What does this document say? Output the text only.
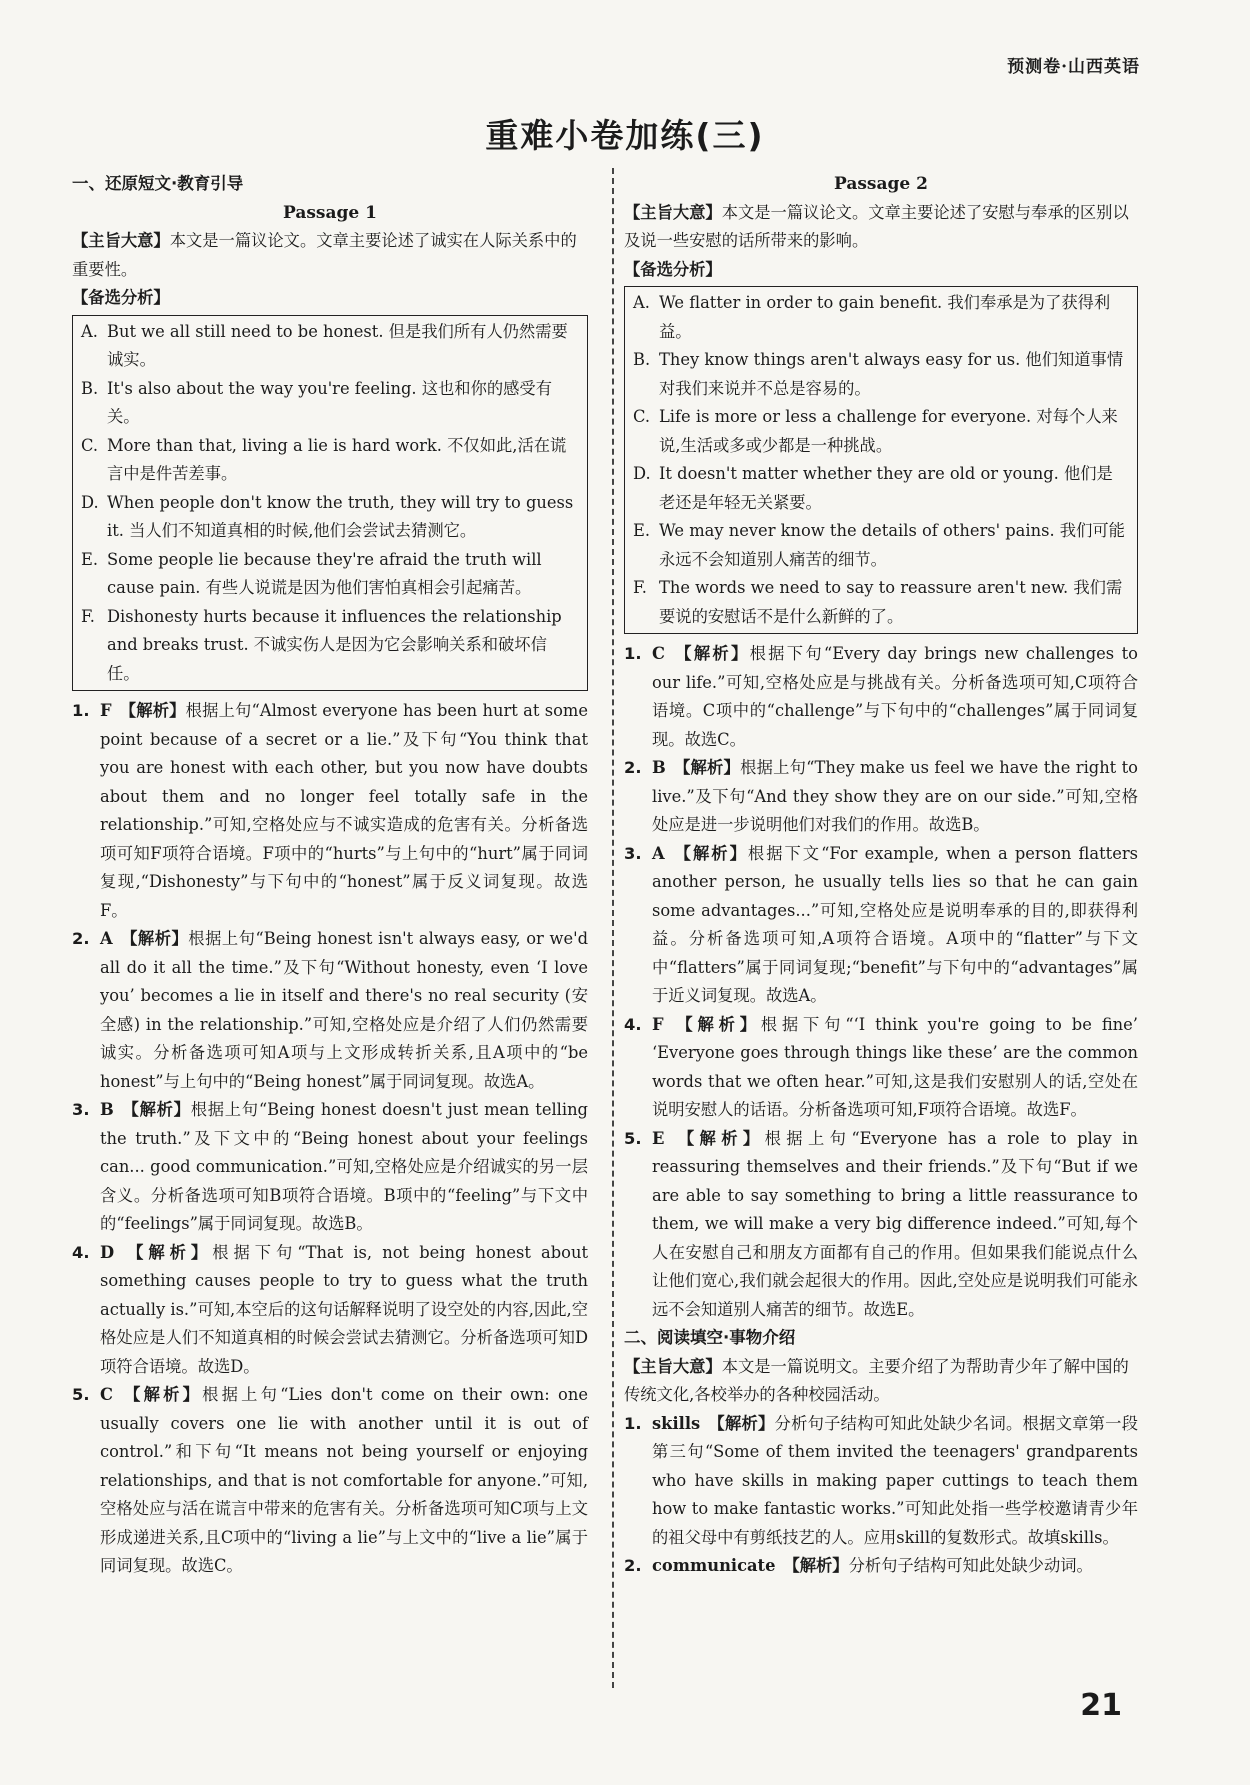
预测卷·山西英语
重难小卷加练(三)
一、还原短文·教育引导
Passage 1
【主旨大意】本文是一篇议论文。文章主要论述了诚实在人际关系中的重要性。
【备选分析】
A. But we all still need to be honest. 但是我们所有人仍然需要诚实。
B. It's also about the way you're feeling. 这也和你的感受有关。
C. More than that, living a lie is hard work. 不仅如此,活在谎言中是件苦差事。
D. When people don't know the truth, they will try to guess it. 当人们不知道真相的时候,他们会尝试去猜测它。
E. Some people lie because they're afraid the truth will cause pain. 有些人说谎是因为他们害怕真相会引起痛苦。
F. Dishonesty hurts because it influences the relationship and breaks trust. 不诚实伤人是因为它会影响关系和破坏信任。
1. F 【解析】根据上句“Almost everyone has been hurt at some point because of a secret or a lie.”及下句“You think that you are honest with each other, but you now have doubts about them and no longer feel totally safe in the relationship.”可知,空格处应与不诚实造成的危害有关。分析备选项可知F项符合语境。F项中的“hurts”与上句中的“hurt”属于同词复现,“Dishonesty”与下句中的“honest”属于反义词复现。故选F。
2. A 【解析】根据上句“Being honest isn't always easy, or we'd all do it all the time.”及下句“Without honesty, even ‘I love you’ becomes a lie in itself and there's no real security (安全感) in the relationship.”可知,空格处应是介绍了人们仍然需要诚实。分析备选项可知A项与上文形成转折关系,且A项中的“be honest”与上句中的“Being honest”属于同词复现。故选A。
3. B 【解析】根据上句“Being honest doesn't just mean telling the truth.”及下文中的“Being honest about your feelings can... good communication.”可知,空格处应是介绍诚实的另一层含义。分析备选项可知B项符合语境。B项中的“feeling”与下文中的“feelings”属于同词复现。故选B。
4. D 【解析】根据下句“That is, not being honest about something causes people to try to guess what the truth actually is.”可知,本空后的这句话解释说明了设空处的内容,因此,空格处应是人们不知道真相的时候会尝试去猜测它。分析备选项可知D项符合语境。故选D。
5. C 【解析】根据上句“Lies don't come on their own: one usually covers one lie with another until it is out of control.”和下句“It means not being yourself or enjoying relationships, and that is not comfortable for anyone.”可知,空格处应与活在谎言中带来的危害有关。分析备选项可知C项与上文形成递进关系,且C项中的“living a lie”与上文中的“live a lie”属于同词复现。故选C。
Passage 2
【主旨大意】本文是一篇议论文。文章主要论述了安慰与奉承的区别以及说一些安慰的话所带来的影响。
【备选分析】
A. We flatter in order to gain benefit. 我们奉承是为了获得利益。
B. They know things aren't always easy for us. 他们知道事情对我们来说并不总是容易的。
C. Life is more or less a challenge for everyone. 对每个人来说,生活或多或少都是一种挑战。
D. It doesn't matter whether they are old or young. 他们是老还是年轻无关紧要。
E. We may never know the details of others' pains. 我们可能永远不会知道别人痛苦的细节。
F. The words we need to say to reassure aren't new. 我们需要说的安慰话不是什么新鲜的了。
1. C 【解析】根据下句“Every day brings new challenges to our life.”可知,空格处应是与挑战有关。分析备选项可知,C项符合语境。C项中的“challenge”与下句中的“challenges”属于同词复现。故选C。
2. B 【解析】根据上句“They make us feel we have the right to live.”及下句“And they show they are on our side.”可知,空格处应是进一步说明他们对我们的作用。故选B。
3. A 【解析】根据下文“For example, when a person flatters another person, he usually tells lies so that he can gain some advantages...”可知,空格处应是说明奉承的目的,即获得利益。分析备选项可知,A项符合语境。A项中的“flatter”与下文中“flatters”属于同词复现;“benefit”与下句中的“advantages”属于近义词复现。故选A。
4. F 【解析】根据下句“‘I think you're going to be fine’ ‘Everyone goes through things like these’ are the common words that we often hear.”可知,这是我们安慰别人的话,空处在说明安慰人的话语。分析备选项可知,F项符合语境。故选F。
5. E 【解析】根据上句“Everyone has a role to play in reassuring themselves and their friends.”及下句“But if we are able to say something to bring a little reassurance to them, we will make a very big difference indeed.”可知,每个人在安慰自己和朋友方面都有自己的作用。但如果我们能说点什么让他们宽心,我们就会起很大的作用。因此,空处应是说明我们可能永远不会知道别人痛苦的细节。故选E。
二、阅读填空·事物介绍
【主旨大意】本文是一篇说明文。主要介绍了为帮助青少年了解中国的传统文化,各校举办的各种校园活动。
1. skills 【解析】分析句子结构可知此处缺少名词。根据文章第一段第三句“Some of them invited the teenagers' grandparents who have skills in making paper cuttings to teach them how to make fantastic works.”可知此处指一些学校邀请青少年的祖父母中有剪纸技艺的人。应用skill的复数形式。故填skills。
2. communicate 【解析】分析句子结构可知此处缺少动词。
21
